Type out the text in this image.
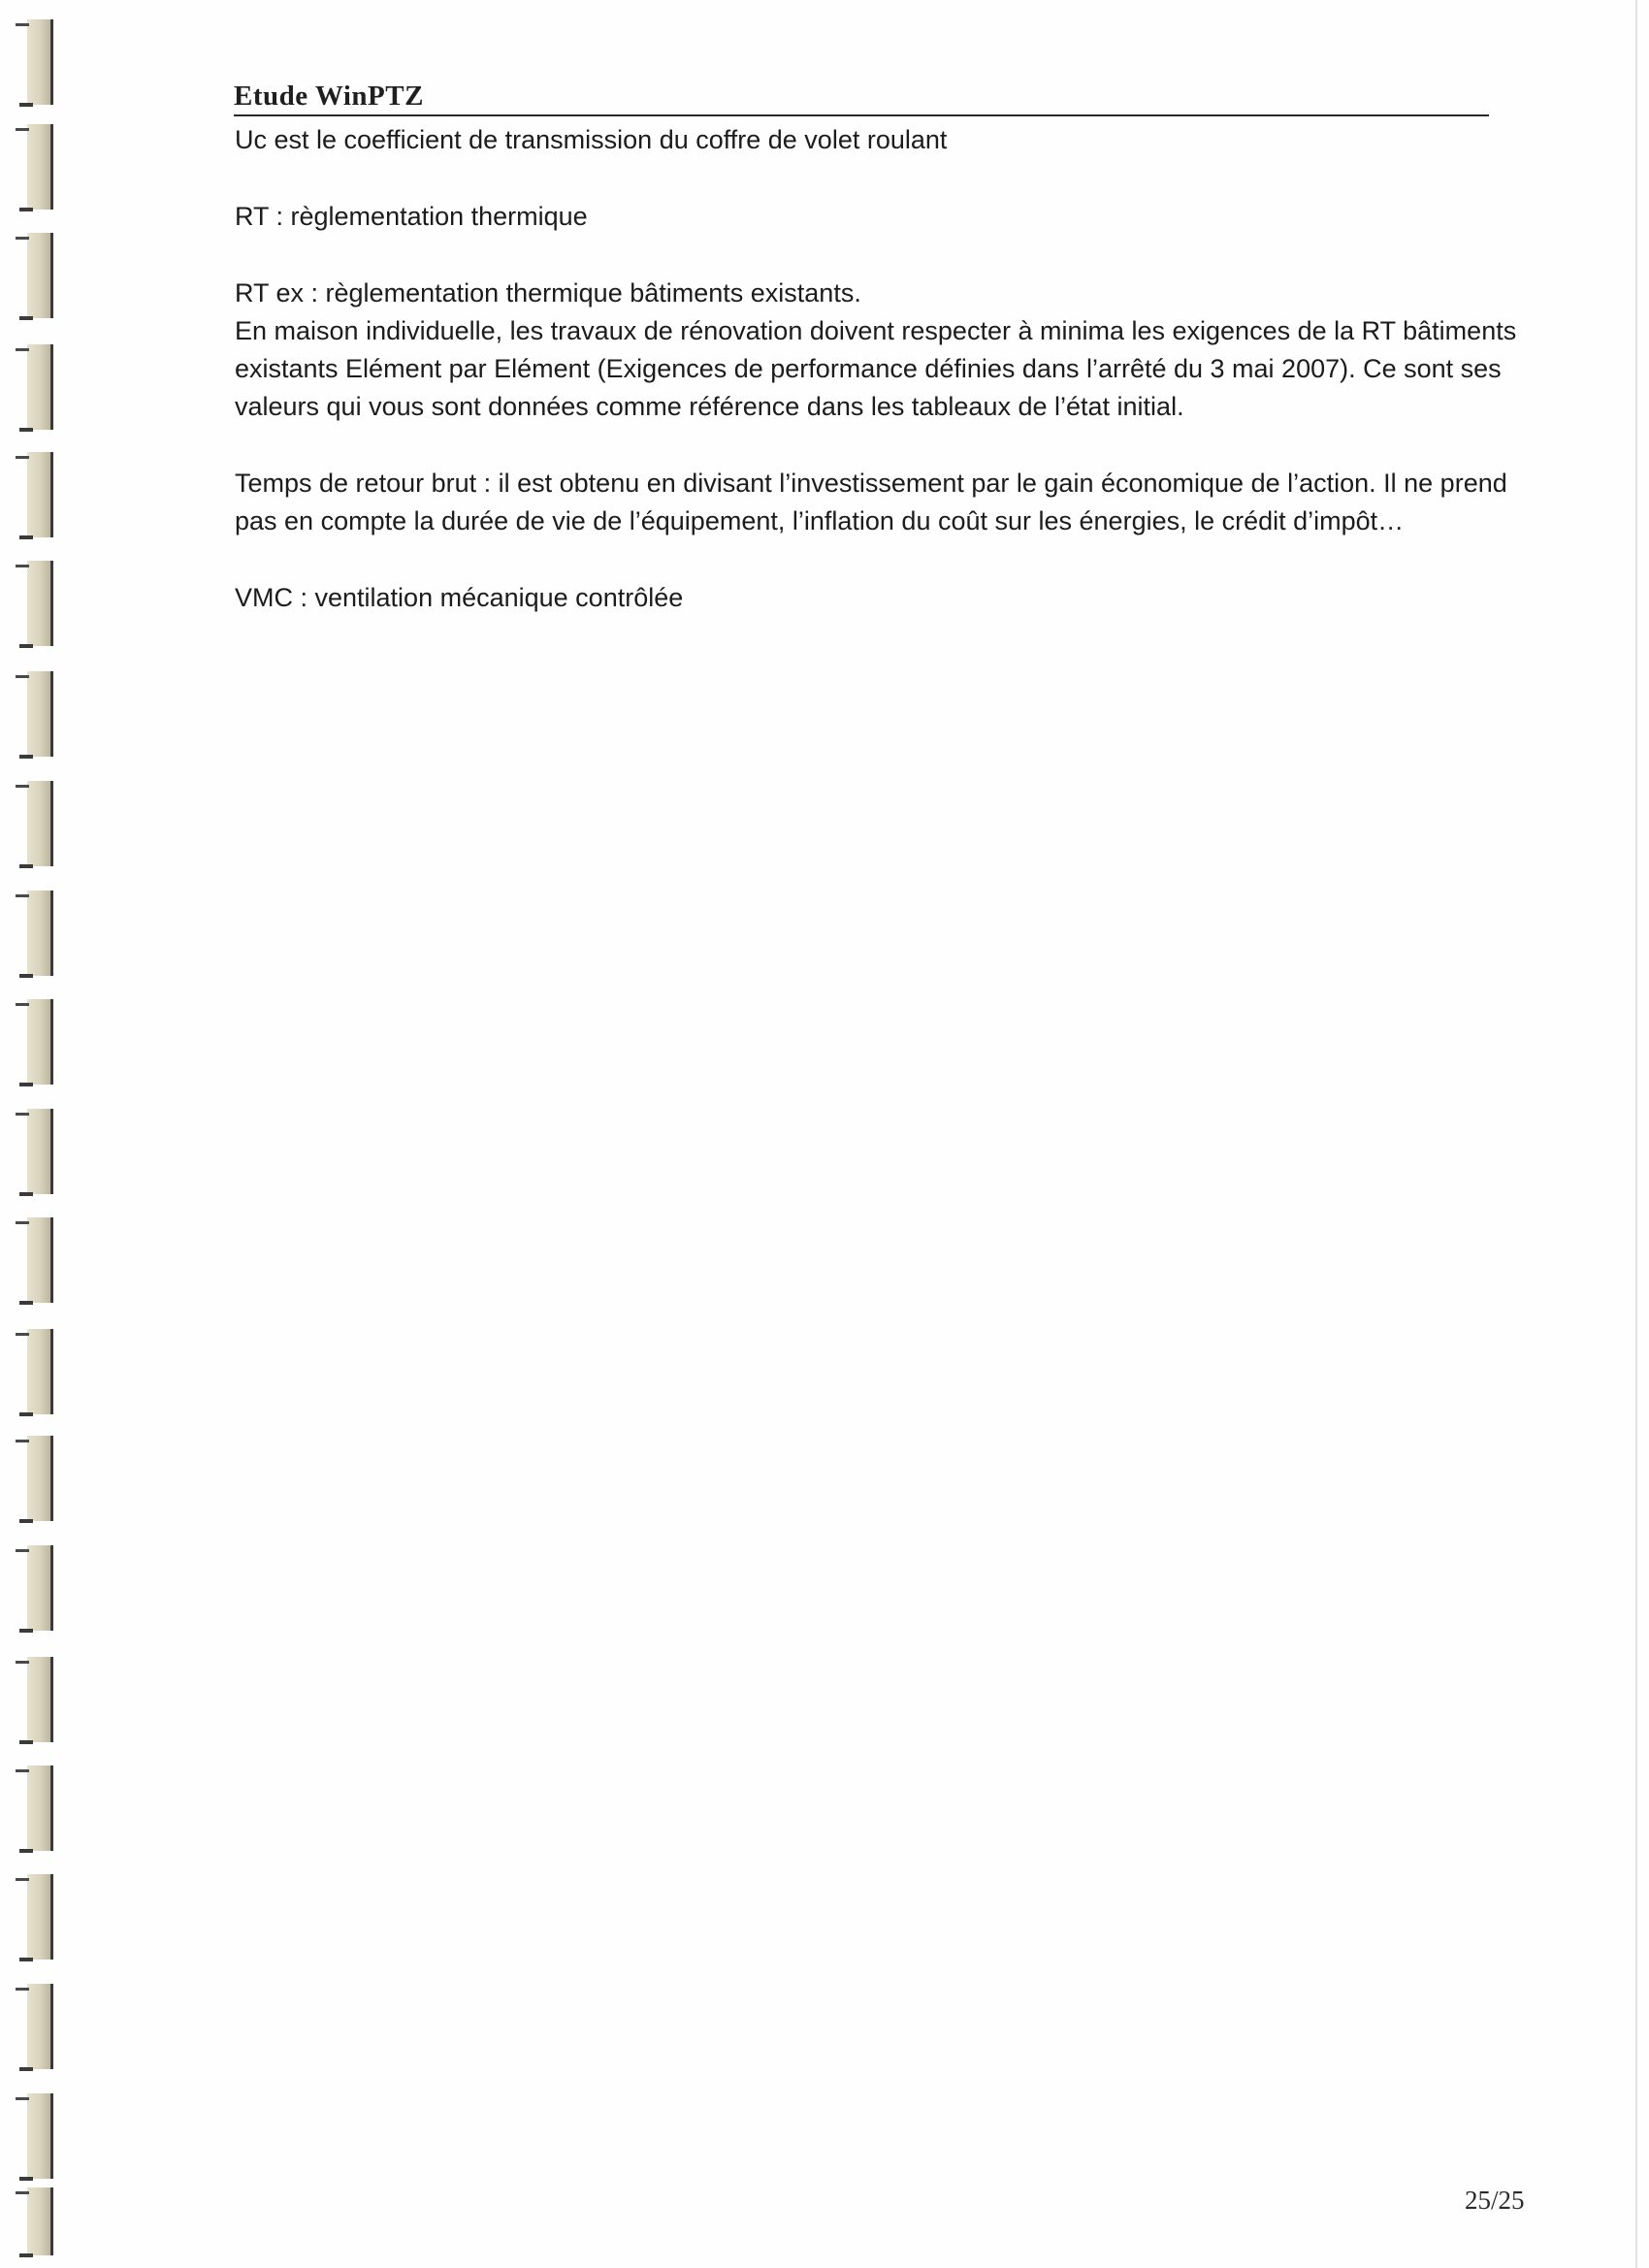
Etude WinPTZ

Uc est le coefficient de transmission du coffre de volet roulant

RT : règlementation thermique

RT ex : règlementation thermique bâtiments existants.

En maison individuelle, les travaux de rénovation doivent respecter à minima les exigences de la RT bâtiments existants Elément par Elément (Exigences de performance définies dans l’arrêté du 3 mai 2007). Ce sont ses valeurs qui vous sont données comme référence dans les tableaux de l’état initial.

Temps de retour brut : il est obtenu en divisant l’investissement par le gain économique de l’action. Il ne prend pas en compte la durée de vie de l’équipement, l’inflation du coût sur les énergies, le crédit d’impôt…

VMC : ventilation mécanique contrôlée

25/25
